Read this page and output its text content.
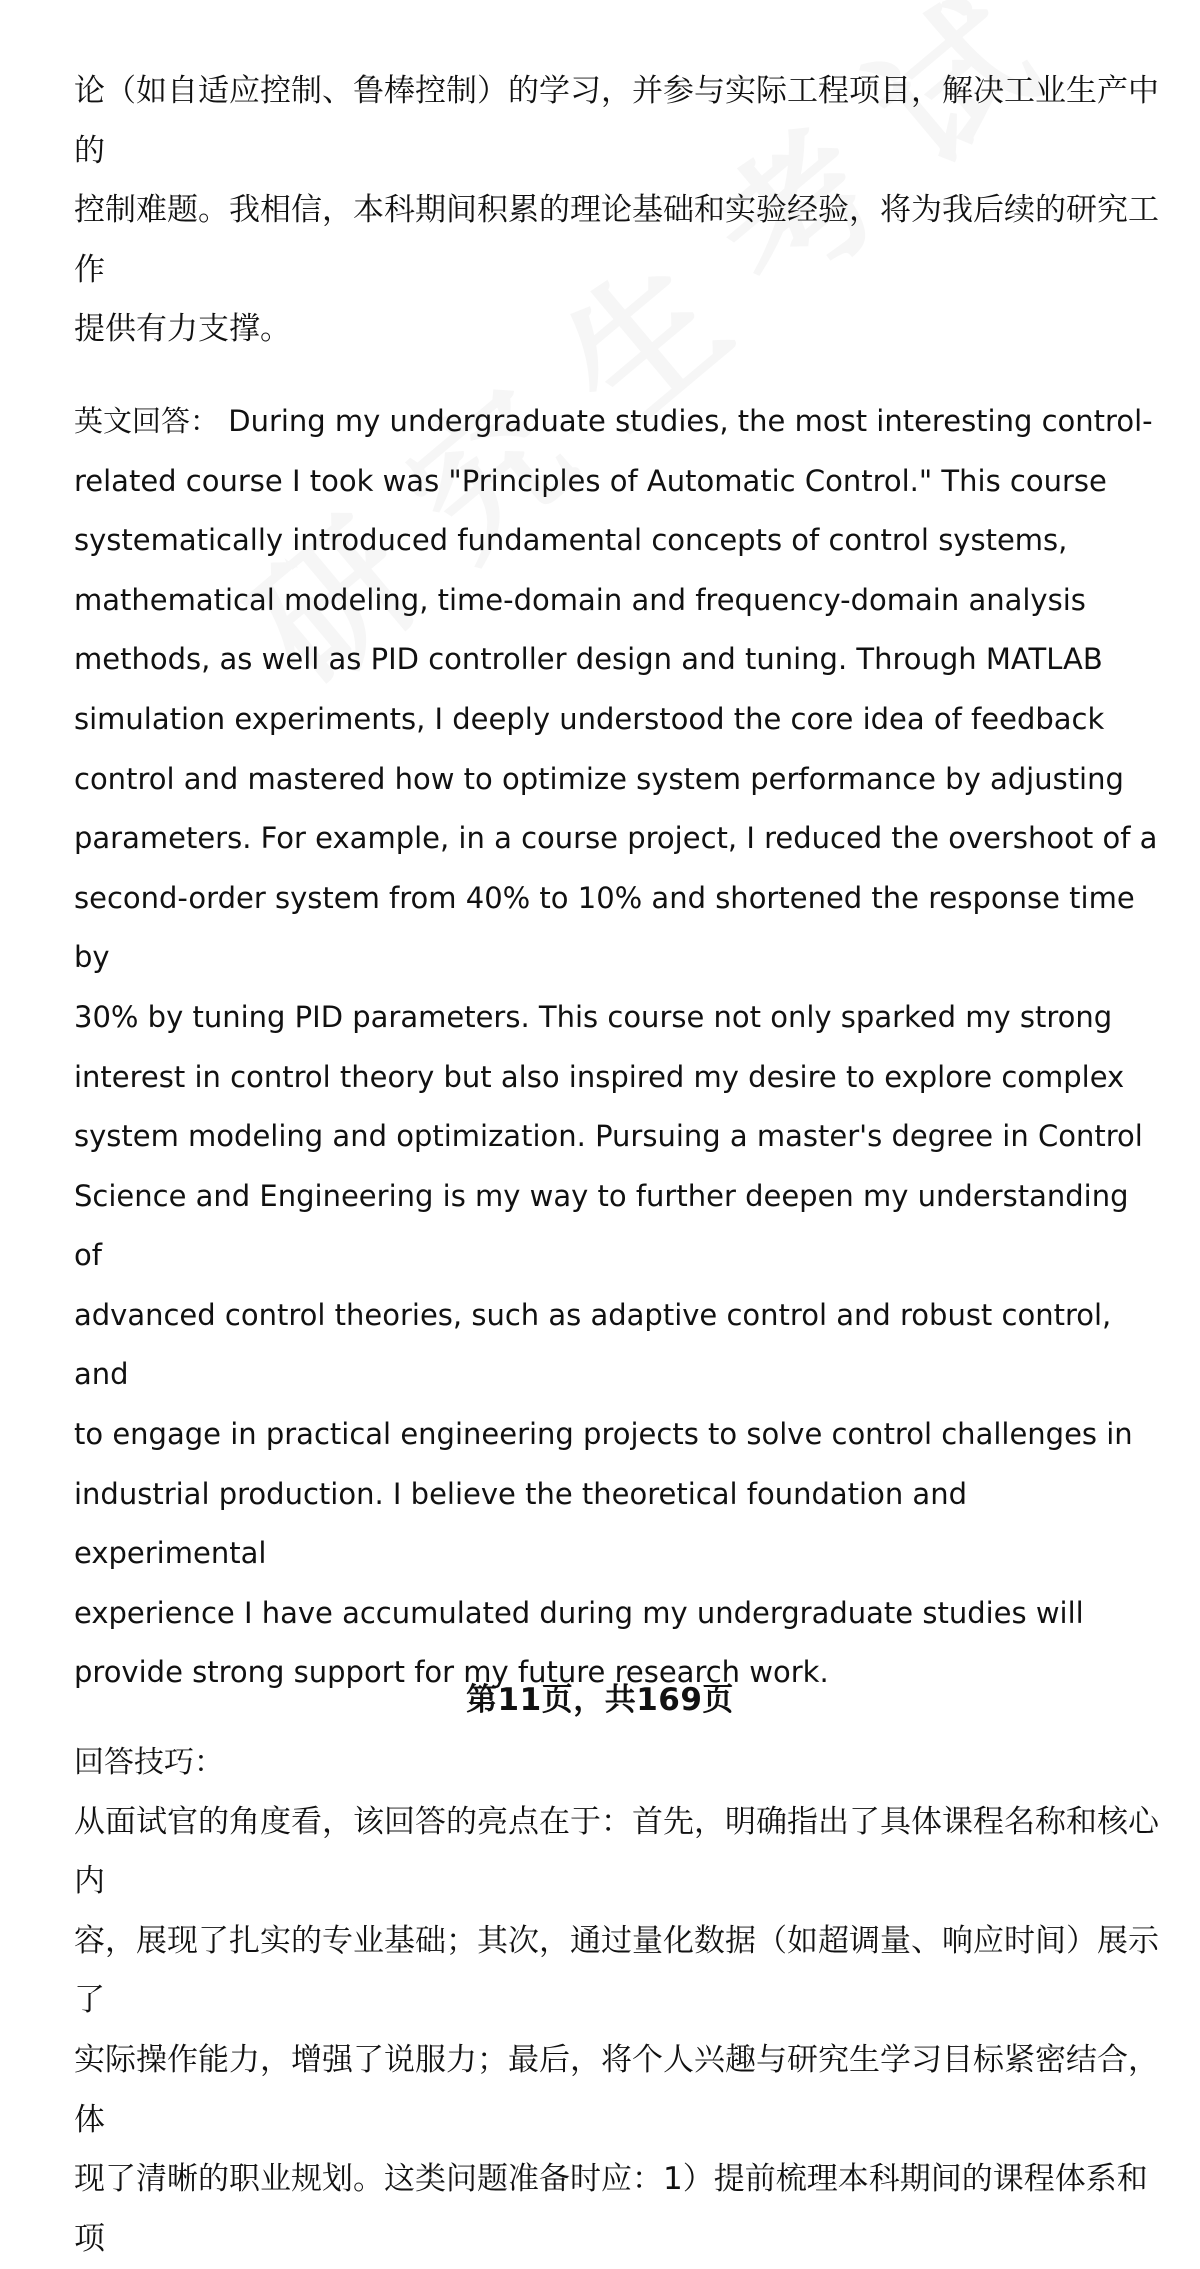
论（如自适应控制、鲁棒控制）的学习，并参与实际工程项目，解决工业生产中的

控制难题。我相信，本科期间积累的理论基础和实验经验，将为我后续的研究工作

提供有力支撑。

英文回答： During my undergraduate studies, the most interesting control-

related course I took was "Principles of Automatic Control." This course

systematically introduced fundamental concepts of control systems,

mathematical modeling, time-domain and frequency-domain analysis

methods, as well as PID controller design and tuning. Through MATLAB

simulation experiments, I deeply understood the core idea of feedback

control and mastered how to optimize system performance by adjusting

parameters. For example, in a course project, I reduced the overshoot of a

second-order system from 40% to 10% and shortened the response time by

30% by tuning PID parameters. This course not only sparked my strong

interest in control theory but also inspired my desire to explore complex

system modeling and optimization. Pursuing a master's degree in Control

Science and Engineering is my way to further deepen my understanding of

advanced control theories, such as adaptive control and robust control, and

to engage in practical engineering projects to solve control challenges in

industrial production. I believe the theoretical foundation and experimental

experience I have accumulated during my undergraduate studies will

provide strong support for my future research work.

回答技巧：

从面试官的角度看，该回答的亮点在于：首先，明确指出了具体课程名称和核心内

容，展现了扎实的专业基础；其次，通过量化数据（如超调量、响应时间）展示了

实际操作能力，增强了说服力；最后，将个人兴趣与研究生学习目标紧密结合，体

现了清晰的职业规划。这类问题准备时应：1）提前梳理本科期间的课程体系和项

第11页，共169页
